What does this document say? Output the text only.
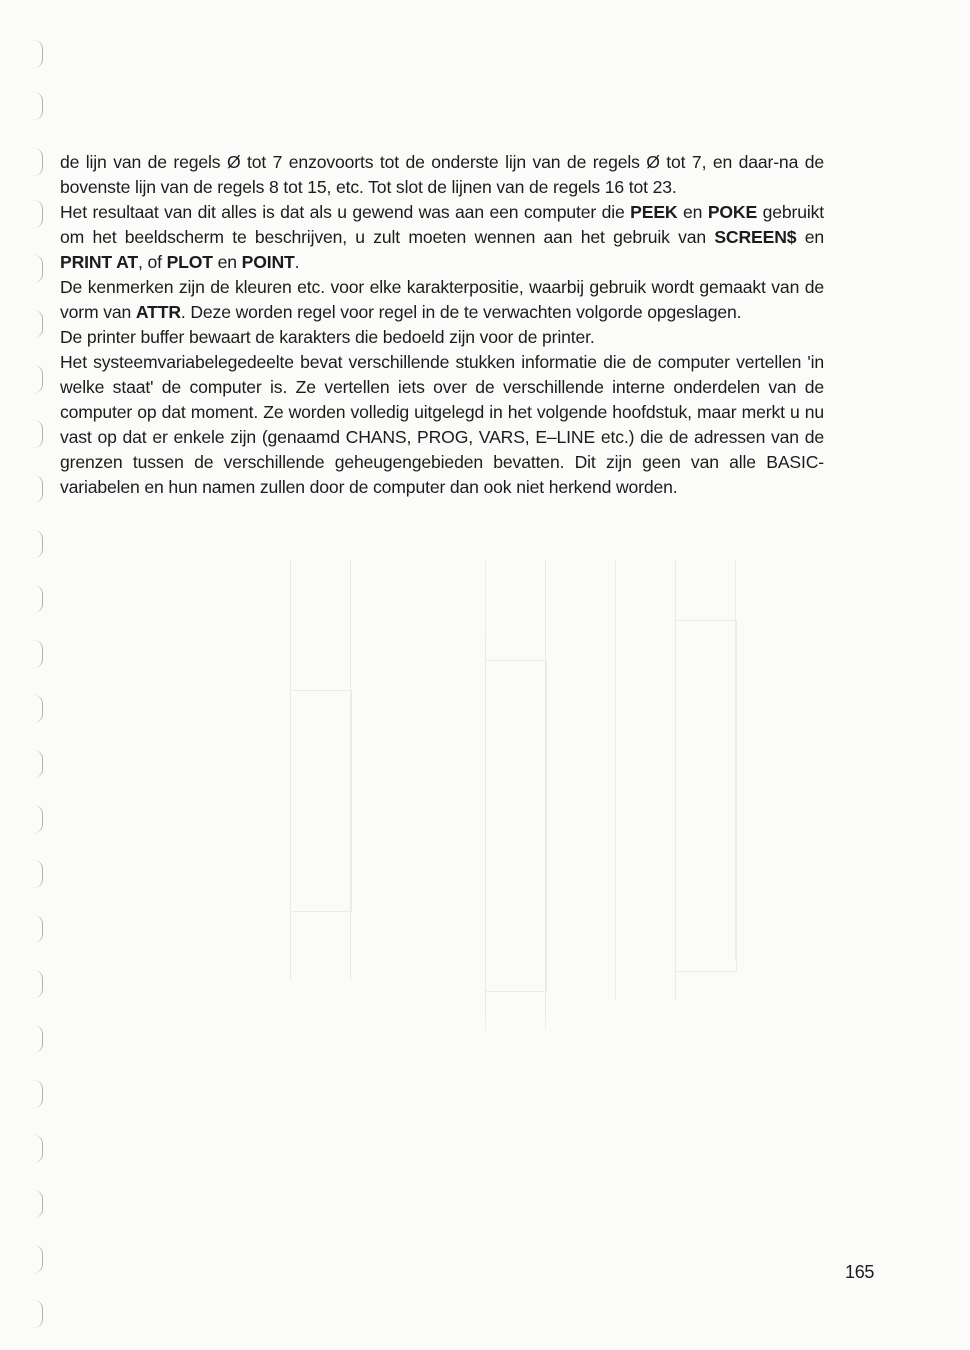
de lijn van de regels Ø tot 7 enzovoorts tot de onderste lijn van de regels Ø tot 7, en daar-na de bovenste lijn van de regels 8 tot 15, etc. Tot slot de lijnen van de regels 16 tot 23.

Het resultaat van dit alles is dat als u gewend was aan een computer die PEEK en POKE gebruikt om het beeldscherm te beschrijven, u zult moeten wennen aan het gebruik van SCREEN$ en PRINT AT, of PLOT en POINT.

De kenmerken zijn de kleuren etc. voor elke karakterpositie, waarbij gebruik wordt gemaakt van de vorm van ATTR. Deze worden regel voor regel in de te verwachten volgorde opgeslagen.

De printer buffer bewaart de karakters die bedoeld zijn voor de printer.

Het systeemvariabelegedeelte bevat verschillende stukken informatie die de computer vertellen 'in welke staat' de computer is. Ze vertellen iets over de verschillende interne onderdelen van de computer op dat moment. Ze worden volledig uitgelegd in het volgende hoofdstuk, maar merkt u nu vast op dat er enkele zijn (genaamd CHANS, PROG, VARS, E–LINE etc.) die de adressen van de grenzen tussen de verschillende geheugengebieden bevatten. Dit zijn geen van alle BASIC-variabelen en hun namen zullen door de computer dan ook niet herkend worden.

165
